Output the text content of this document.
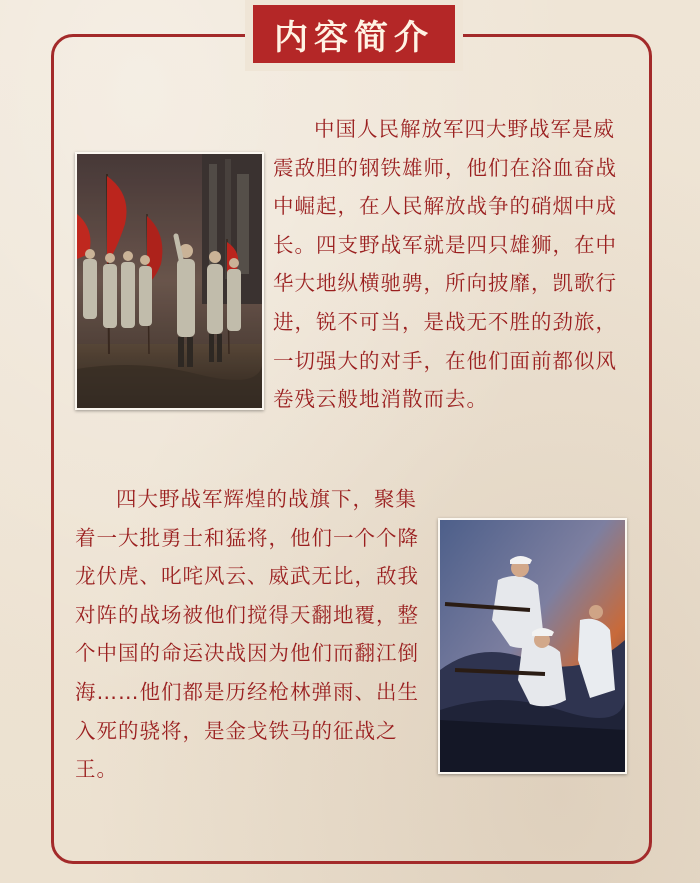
内容简介

中国人民解放军四大野战军是威震敌胆的钢铁雄师，他们在浴血奋战中崛起，在人民解放战争的硝烟中成长。四支野战军就是四只雄狮，在中华大地纵横驰骋，所向披靡，凯歌行进，锐不可当，是战无不胜的劲旅，一切强大的对手，在他们面前都似风卷残云般地消散而去。

四大野战军辉煌的战旗下，聚集着一大批勇士和猛将，他们一个个降龙伏虎、叱咤风云、威武无比，敌我对阵的战场被他们搅得天翻地覆，整个中国的命运决战因为他们而翻江倒海……他们都是历经枪林弹雨、出生入死的骁将，是金戈铁马的征战之王。
